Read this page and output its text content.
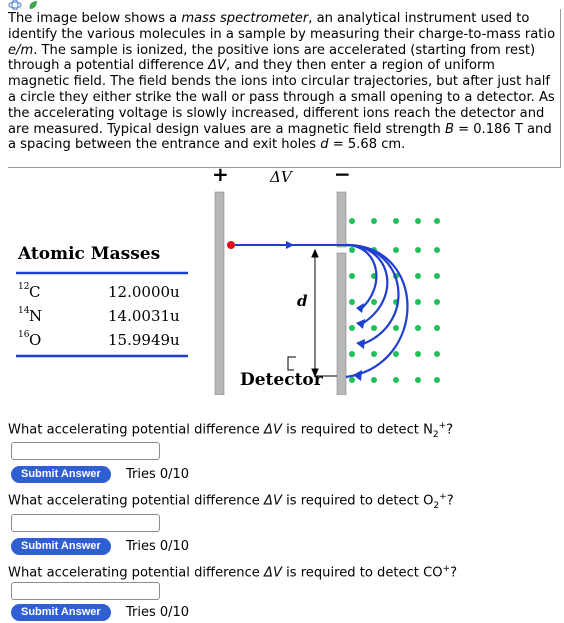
The image below shows a mass spectrometer, an analytical instrument used to identify the various molecules in a sample by measuring their charge-to-mass ratio e/m. The sample is ionized, the positive ions are accelerated (starting from rest) through a potential difference ΔV, and they then enter a region of uniform magnetic field. The field bends the ions into circular trajectories, but after just half a circle they either strike the wall or pass through a small opening to a detector. As the accelerating voltage is slowly increased, different ions reach the detector and are measured. Typical design values are a magnetic field strength B = 0.186 T and a spacing between the entrance and exit holes d = 5.68 cm.

+	ΔV −
d
Detector
Atomic Masses
12 C	12.0000u
14 N	14.0031u
16 O	15.9949u
What accelerating potential difference ΔV is required to detect $N_2^+$?
Submit Answer	Tries 0/10
What accelerating potential difference ΔV is required to detect $O_2^+$?
Submit Answer	Tries 0/10
What accelerating potential difference ΔV is required to detect CO+?
Submit Answer	Tries 0/10
